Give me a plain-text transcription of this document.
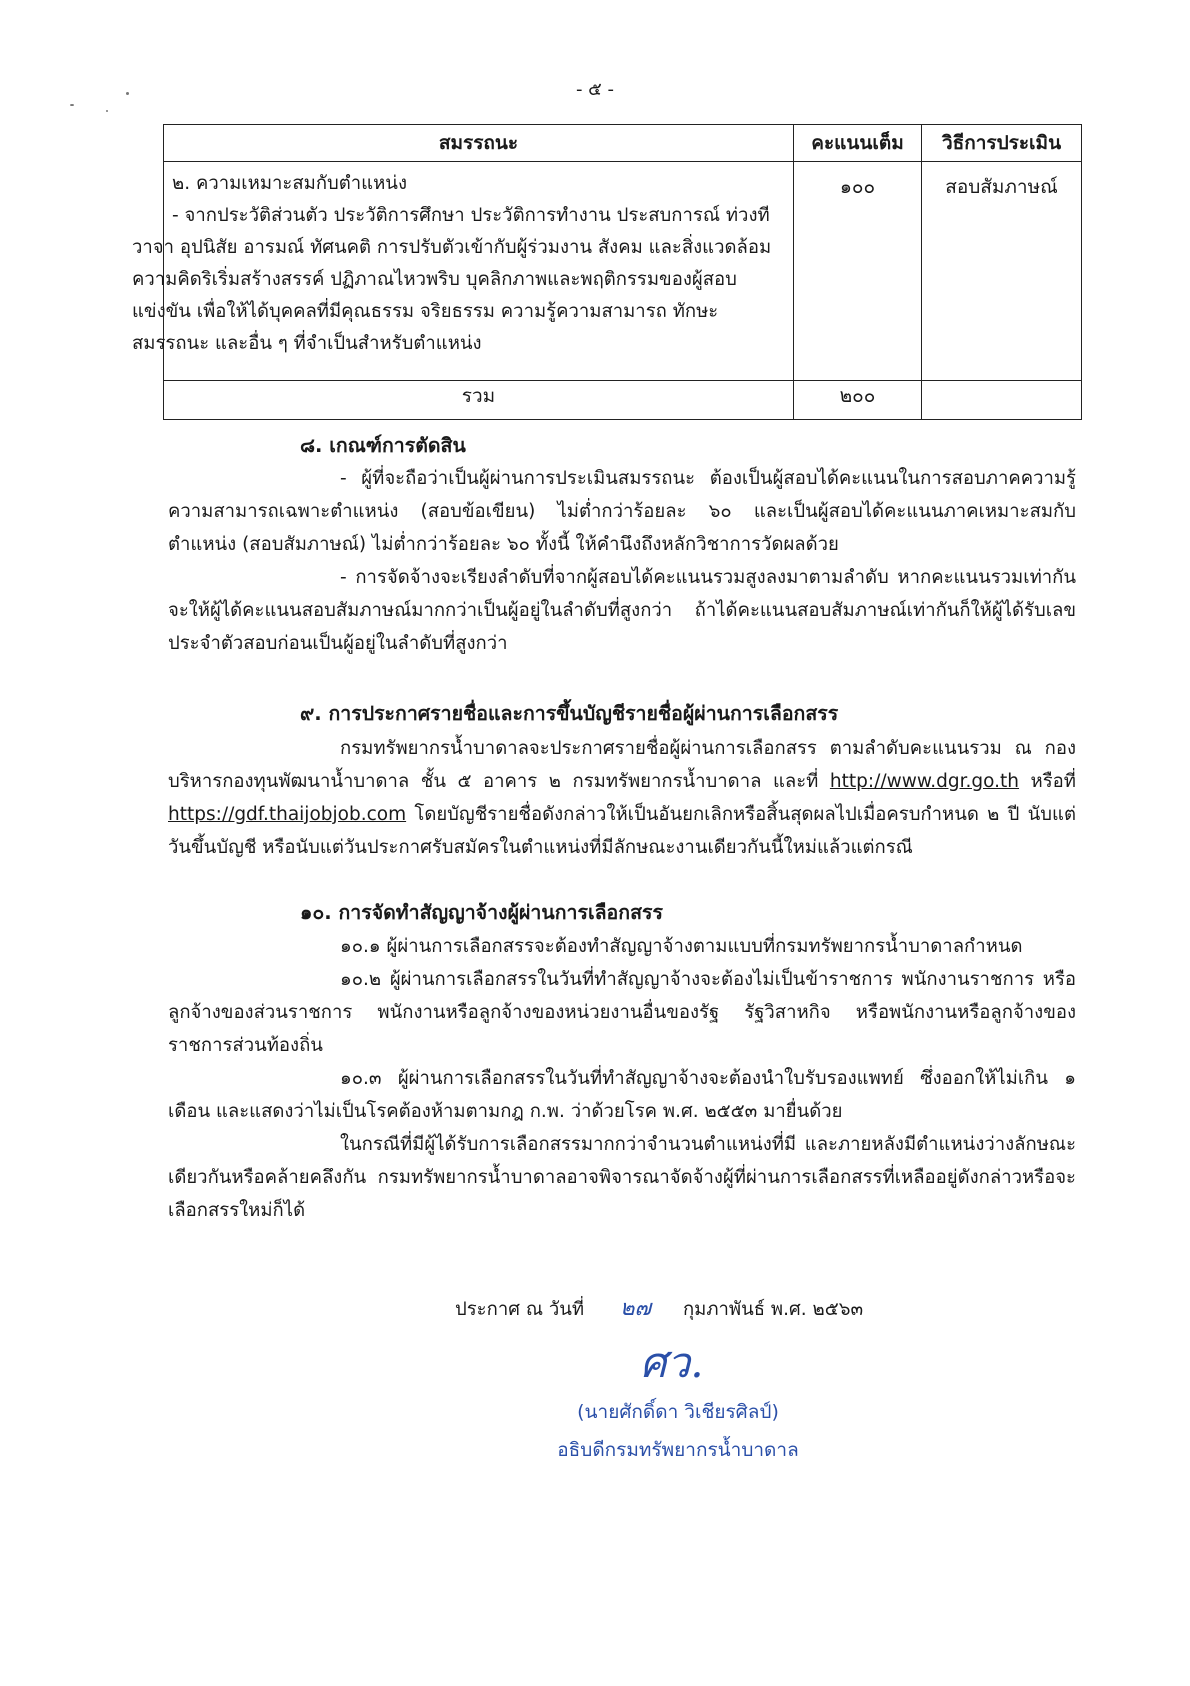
- ๕ -
สมรรถนะ	คะแนนเต็ม	วิธีการประเมิน

๒. ความเหมาะสมกับตำแหน่ง
- จากประวัติส่วนตัว ประวัติการศึกษา ประวัติการทำงาน ประสบการณ์ ท่วงทีวาจา อุปนิสัย อารมณ์ ทัศนคติ การปรับตัวเข้ากับผู้ร่วมงาน สังคม และสิ่งแวดล้อม ความคิดริเริ่มสร้างสรรค์ ปฏิภาณไหวพริบ บุคลิกภาพและพฤติกรรมของผู้สอบแข่งขัน เพื่อให้ได้บุคคลที่มีคุณธรรม จริยธรรม ความรู้ความสามารถ ทักษะ สมรรถนะ และอื่น ๆ ที่จำเป็นสำหรับตำแหน่ง	๑๐๐	สอบสัมภาษณ์
รวม	๒๐๐	
๘. เกณฑ์การตัดสิน
- ผู้ที่จะถือว่าเป็นผู้ผ่านการประเมินสมรรถนะ ต้องเป็นผู้สอบได้คะแนนในการสอบภาคความรู้ความสามารถเฉพาะตำแหน่ง (สอบข้อเขียน) ไม่ต่ำกว่าร้อยละ ๖๐ และเป็นผู้สอบได้คะแนนภาคเหมาะสมกับตำแหน่ง (สอบสัมภาษณ์) ไม่ต่ำกว่าร้อยละ ๖๐ ทั้งนี้ ให้คำนึงถึงหลักวิชาการวัดผลด้วย
- การจัดจ้างจะเรียงลำดับที่จากผู้สอบได้คะแนนรวมสูงลงมาตามลำดับ หากคะแนนรวมเท่ากันจะให้ผู้ได้คะแนนสอบสัมภาษณ์มากกว่าเป็นผู้อยู่ในลำดับที่สูงกว่า ถ้าได้คะแนนสอบสัมภาษณ์เท่ากันก็ให้ผู้ได้รับเลขประจำตัวสอบก่อนเป็นผู้อยู่ในลำดับที่สูงกว่า
๙. การประกาศรายชื่อและการขึ้นบัญชีรายชื่อผู้ผ่านการเลือกสรร
กรมทรัพยากรน้ำบาดาลจะประกาศรายชื่อผู้ผ่านการเลือกสรร ตามลำดับคะแนนรวม ณ กองบริหารกองทุนพัฒนาน้ำบาดาล ชั้น ๕ อาคาร ๒ กรมทรัพยากรน้ำบาดาล และที่ http://www.dgr.go.th หรือที่ https://gdf.thaijobjob.com โดยบัญชีรายชื่อดังกล่าวให้เป็นอันยกเลิกหรือสิ้นสุดผลไปเมื่อครบกำหนด ๒ ปี นับแต่วันขึ้นบัญชี หรือนับแต่วันประกาศรับสมัครในตำแหน่งที่มีลักษณะงานเดียวกันนี้ใหม่แล้วแต่กรณี
๑๐. การจัดทำสัญญาจ้างผู้ผ่านการเลือกสรร
๑๐.๑ ผู้ผ่านการเลือกสรรจะต้องทำสัญญาจ้างตามแบบที่กรมทรัพยากรน้ำบาดาลกำหนด
๑๐.๒ ผู้ผ่านการเลือกสรรในวันที่ทำสัญญาจ้างจะต้องไม่เป็นข้าราชการ พนักงานราชการ หรือลูกจ้างของส่วนราชการ พนักงานหรือลูกจ้างของหน่วยงานอื่นของรัฐ รัฐวิสาหกิจ หรือพนักงานหรือลูกจ้างของราชการส่วนท้องถิ่น
๑๐.๓ ผู้ผ่านการเลือกสรรในวันที่ทำสัญญาจ้างจะต้องนำใบรับรองแพทย์ ซึ่งออกให้ไม่เกิน ๑ เดือน และแสดงว่าไม่เป็นโรคต้องห้ามตามกฎ ก.พ. ว่าด้วยโรค พ.ศ. ๒๕๕๓ มายื่นด้วย
ในกรณีที่มีผู้ได้รับการเลือกสรรมากกว่าจำนวนตำแหน่งที่มี และภายหลังมีตำแหน่งว่างลักษณะเดียวกันหรือคล้ายคลึงกัน กรมทรัพยากรน้ำบาดาลอาจพิจารณาจัดจ้างผู้ที่ผ่านการเลือกสรรที่เหลืออยู่ดังกล่าวหรือจะเลือกสรรใหม่ก็ได้
ประกาศ ณ วันที่ ๒๗ กุมภาพันธ์ พ.ศ. ๒๕๖๓
ศว.
(นายศักดิ์ดา วิเชียรศิลป์)
อธิบดีกรมทรัพยากรน้ำบาดาล
